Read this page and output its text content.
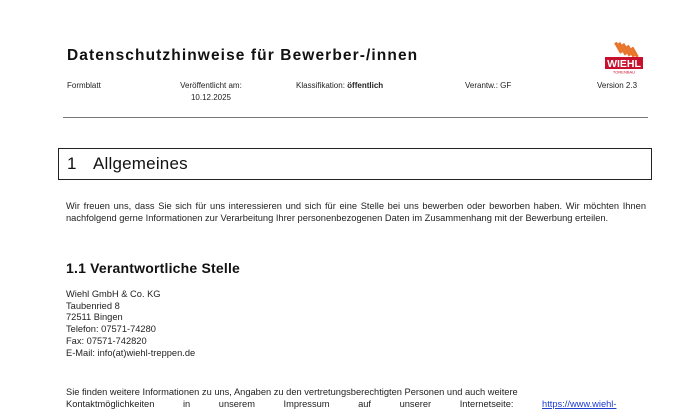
Datenschutzhinweise für Bewerber-/innen	WIEHL
TORENBAU
Formblatt	Veröffentlicht am:
10.12.2025
Klassifikation: öffentlich	Verantw.: GF	Version 2.3
1 Allgemeines
Wir freuen uns, dass Sie sich für uns interessieren und sich für eine Stelle bei uns bewerben oder beworben haben. Wir möchten Ihnen nachfolgend gerne Informationen zur Verarbeitung Ihrer personenbezogenen Daten im Zusammenhang mit der Bewerbung erteilen.
1.1 Verantwortliche Stelle
Wiehl GmbH & Co. KG
Taubenried 8
72511 Bingen
Telefon: 07571-74280
Fax: 07571-742820
E-Mail: info(at)wiehl-treppen.de
Sie finden weitere Informationen zu uns, Angaben zu den vertretungsberechtigten Personen und auch weitere
Kontaktmöglichkeiten in unserem Impressum auf unserer Internetseite:	https://www.wiehl-
